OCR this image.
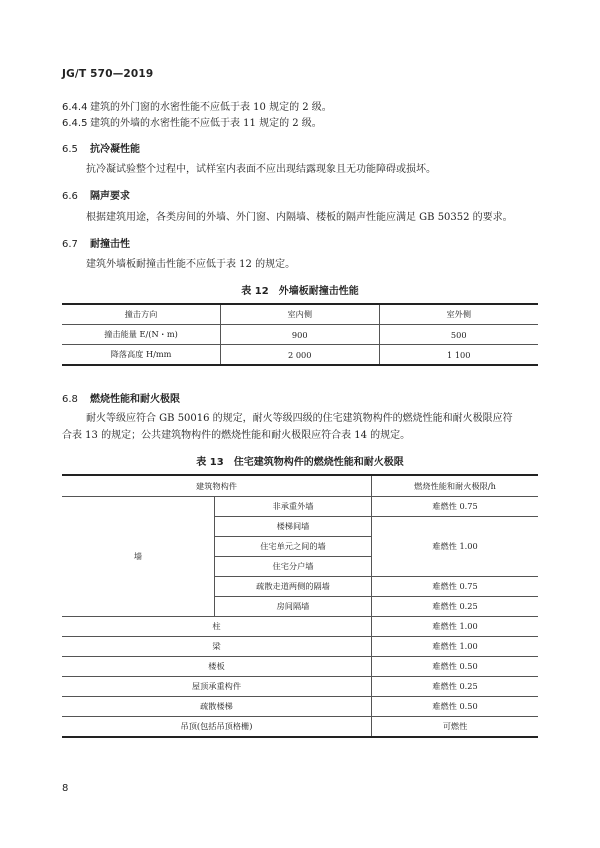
JG/T 570—2019
6.4.4 建筑的外门窗的水密性能不应低于表 10 规定的 2 级。
6.4.5 建筑的外墙的水密性能不应低于表 11 规定的 2 级。
6.5 抗冷凝性能
抗冷凝试验整个过程中，试样室内表面不应出现结露现象且无功能障碍或损坏。
6.6 隔声要求
根据建筑用途，各类房间的外墙、外门窗、内隔墙、楼板的隔声性能应满足 GB 50352 的要求。
6.7 耐撞击性
建筑外墙板耐撞击性能不应低于表 12 的规定。
表 12　外墙板耐撞击性能
撞击方向	室内侧	室外侧
撞击能量 E/(N・m)	900	500
降落高度 H/mm	2 000	1 100
6.8 燃烧性能和耐火极限
耐火等级应符合 GB 50016 的规定，耐火等级四级的住宅建筑物构件的燃烧性能和耐火极限应符
合表 13 的规定；公共建筑物构件的燃烧性能和耐火极限应符合表 14 的规定。
表 13　住宅建筑物构件的燃烧性能和耐火极限
建筑物构件		燃烧性能和耐火极限/h
墙	非承重外墙	难燃性 0.75
	楼梯间墙	难燃性 1.00
	住宅单元之间的墙	
	住宅分户墙	
	疏散走道两侧的隔墙	难燃性 0.75
	房间隔墙	难燃性 0.25
柱		难燃性 1.00
梁		难燃性 1.00
楼板		难燃性 0.50
屋顶承重构件		难燃性 0.25
疏散楼梯		难燃性 0.50
吊顶(包括吊顶格栅)		可燃性
8
